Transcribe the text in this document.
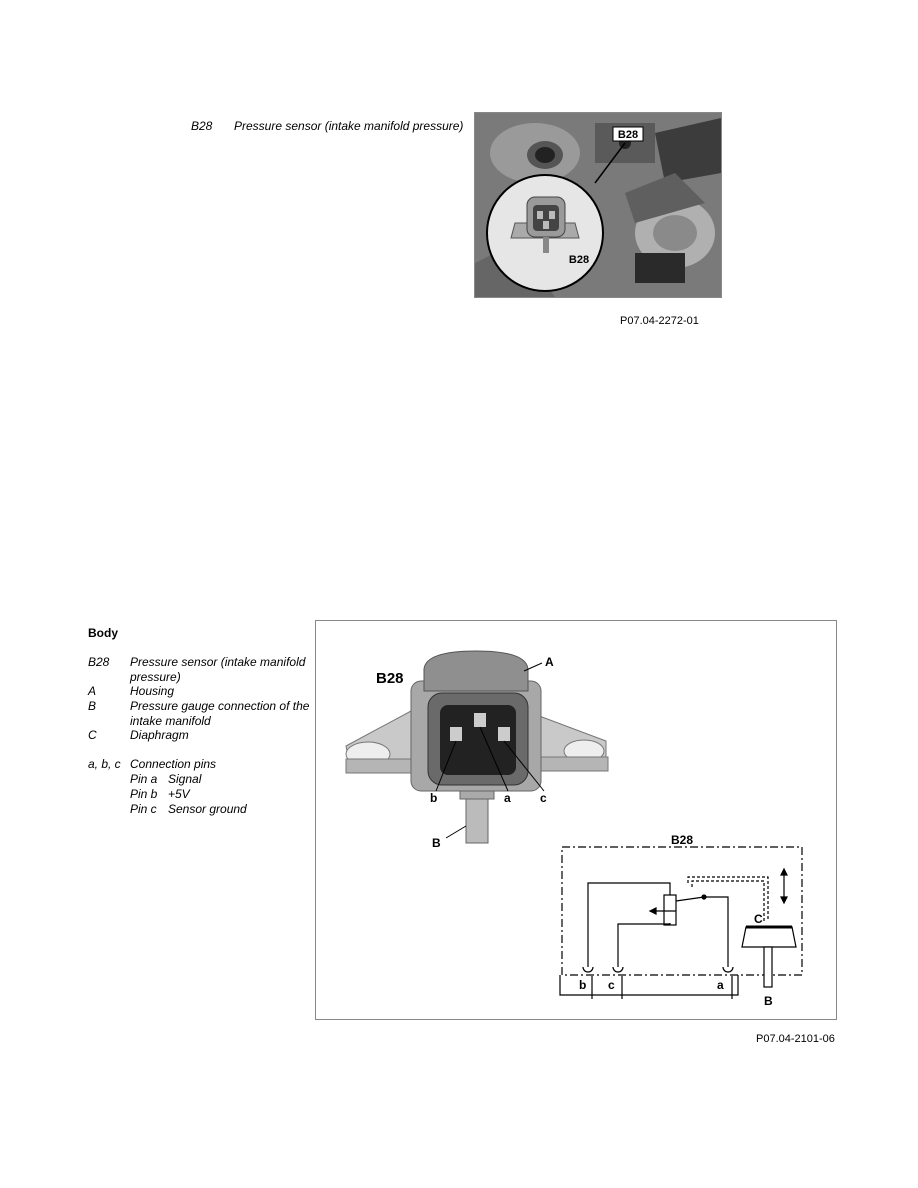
B28 Pressure sensor (intake manifold pressure)
B28
B28
P07.04-2272-01
Body
B28	Pressure sensor (intake manifold pressure)
A	Housing
B	Pressure gauge connection of the intake manifold
C	Diaphragm
a, b, c Connection pins
Pin a Signal
Pin b +5V
Pin c Sensor ground
B28
A
b	a c
B	B28
C
B
b c	a
P07.04-2101-06
